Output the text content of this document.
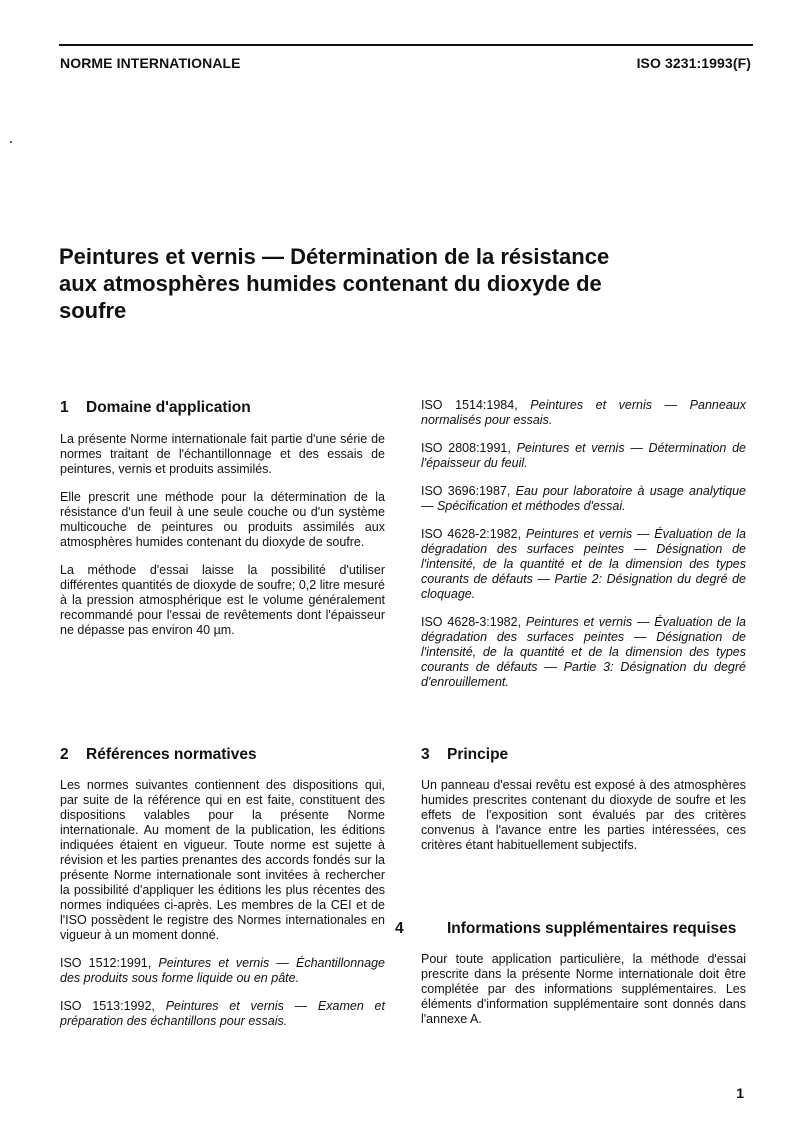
NORME INTERNATIONALE	ISO 3231:1993(F)
Peintures et vernis — Détermination de la résistance
aux atmosphères humides contenant du dioxyde de
soufre
1 Domaine d'application

La présente Norme internationale fait partie d'une série de normes traitant de l'échantillonnage et des essais de peintures, vernis et produits assimilés.

Elle prescrit une méthode pour la détermination de la résistance d'un feuil à une seule couche ou d'un système multicouche de peintures ou produits assimilés aux atmosphères humides contenant du dioxyde de soufre.

La méthode d'essai laisse la possibilité d'utiliser différentes quantités de dioxyde de soufre; 0,2 litre mesuré à la pression atmosphérique est le volume généralement recommandé pour l'essai de revêtements dont l'épaisseur ne dépasse pas environ 40 µm.

ISO 1514:1984, Peintures et vernis — Panneaux normalisés pour essais.

ISO 2808:1991, Peintures et vernis — Détermination de l'épaisseur du feuil.

ISO 3696:1987, Eau pour laboratoire à usage analytique — Spécification et méthodes d'essai.

ISO 4628-2:1982, Peintures et vernis — Évaluation de la dégradation des surfaces peintes — Désignation de l'intensité, de la quantité et de la dimension des types courants de défauts — Partie 2: Désignation du degré de cloquage.

ISO 4628-3:1982, Peintures et vernis — Évaluation de la dégradation des surfaces peintes — Désignation de l'intensité, de la quantité et de la dimension des types courants de défauts — Partie 3: Désignation du degré d'enrouillement.

2 Références normatives

Les normes suivantes contiennent des dispositions qui, par suite de la référence qui en est faite, constituent des dispositions valables pour la présente Norme internationale. Au moment de la publication, les éditions indiquées étaient en vigueur. Toute norme est sujette à révision et les parties prenantes des accords fondés sur la présente Norme internationale sont invitées à rechercher la possibilité d'appliquer les éditions les plus récentes des normes indiquées ci-après. Les membres de la CEI et de l'ISO possèdent le registre des Normes internationales en vigueur à un moment donné.

ISO 1512:1991, Peintures et vernis — Échantillonnage des produits sous forme liquide ou en pâte.

ISO 1513:1992, Peintures et vernis — Examen et préparation des échantillons pour essais.

3 Principe

Un panneau d'essai revêtu est exposé à des atmosphères humides prescrites contenant du dioxyde de soufre et les effets de l'exposition sont évalués par des critères convenus à l'avance entre les parties intéressées, ces critères étant habituellement subjectifs.

4	Informations supplémentaires requises

Pour toute application particulière, la méthode d'essai prescrite dans la présente Norme internationale doit être complétée par des informations supplémentaires. Les éléments d'information supplémentaire sont donnés dans l'annexe A.

1
